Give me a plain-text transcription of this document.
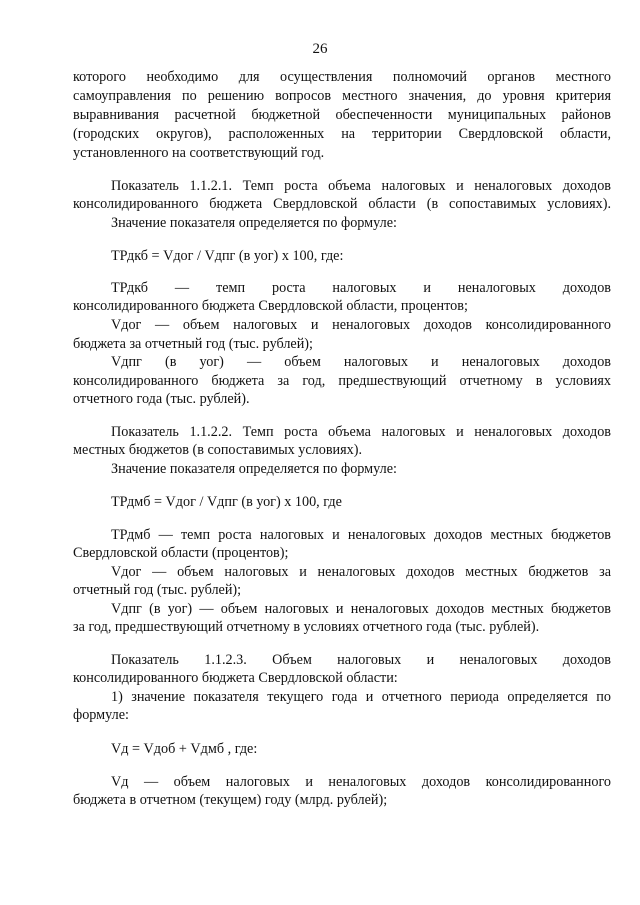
26
которого необходимо для осуществления полномочий органов местного
самоуправления по решению вопросов местного значения, до уровня критерия
выравнивания расчетной бюджетной обеспеченности муниципальных районов
(городских округов), расположенных на территории Свердловской области,
установленного на соответствующий год.
Показатель 1.1.2.1. Темп роста объема налоговых и неналоговых доходов
консолидированного бюджета Свердловской области (в сопоставимых условиях).
Значение показателя определяется по формуле:
ТРдкб = Vдог / Vдпг (в уог) х 100, где:
ТРдкб — темп роста налоговых и неналоговых доходов
консолидированного бюджета Свердловской области, процентов;
Vдог — объем налоговых и неналоговых доходов консолидированного
бюджета за отчетный год (тыс. рублей);
Vдпг (в уог) — объем налоговых и неналоговых доходов
консолидированного бюджета за год, предшествующий отчетному в условиях
отчетного года (тыс. рублей).
Показатель 1.1.2.2. Темп роста объема налоговых и неналоговых доходов
местных бюджетов (в сопоставимых условиях).
Значение показателя определяется по формуле:
ТРдмб = Vдог / Vдпг (в уог) х 100, где
ТРдмб — темп роста налоговых и неналоговых доходов местных бюджетов
Свердловской области (процентов);
Vдог — объем налоговых и неналоговых доходов местных бюджетов за
отчетный год (тыс. рублей);
Vдпг (в уог) — объем налоговых и неналоговых доходов местных бюджетов
за год, предшествующий отчетному в условиях отчетного года (тыс. рублей).
Показатель 1.1.2.3. Объем налоговых и неналоговых доходов
консолидированного бюджета Свердловской области:
1) значение показателя текущего года и отчетного периода определяется по
формуле:
Vд = Vдоб + Vдмб , где:
Vд — объем налоговых и неналоговых доходов консолидированного
бюджета в отчетном (текущем) году (млрд. рублей);
